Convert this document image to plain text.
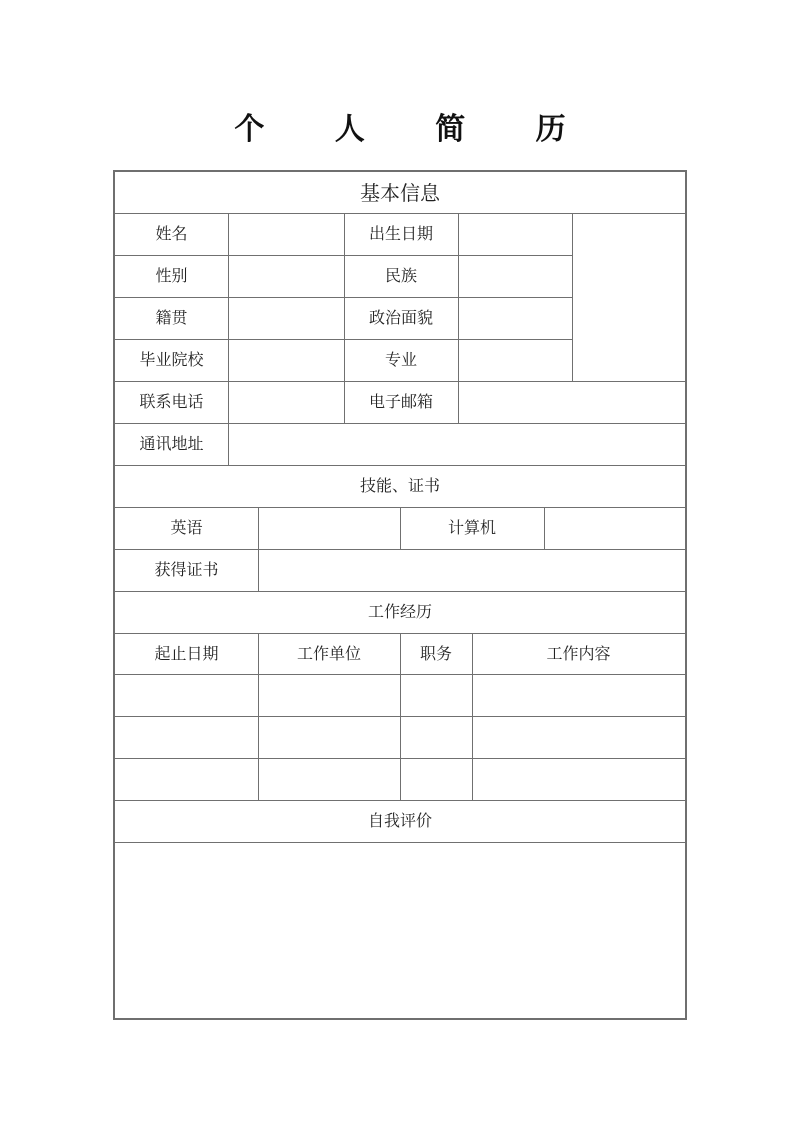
个 人 简 历
基本信息
姓名	出生日期
性别	民族
籍贯	政治面貌
毕业院校	专业
联系电话	电子邮箱
通讯地址
技能、证书
英语	计算机
获得证书
工作经历
起止日期	工作单位	职务	工作内容
自我评价
